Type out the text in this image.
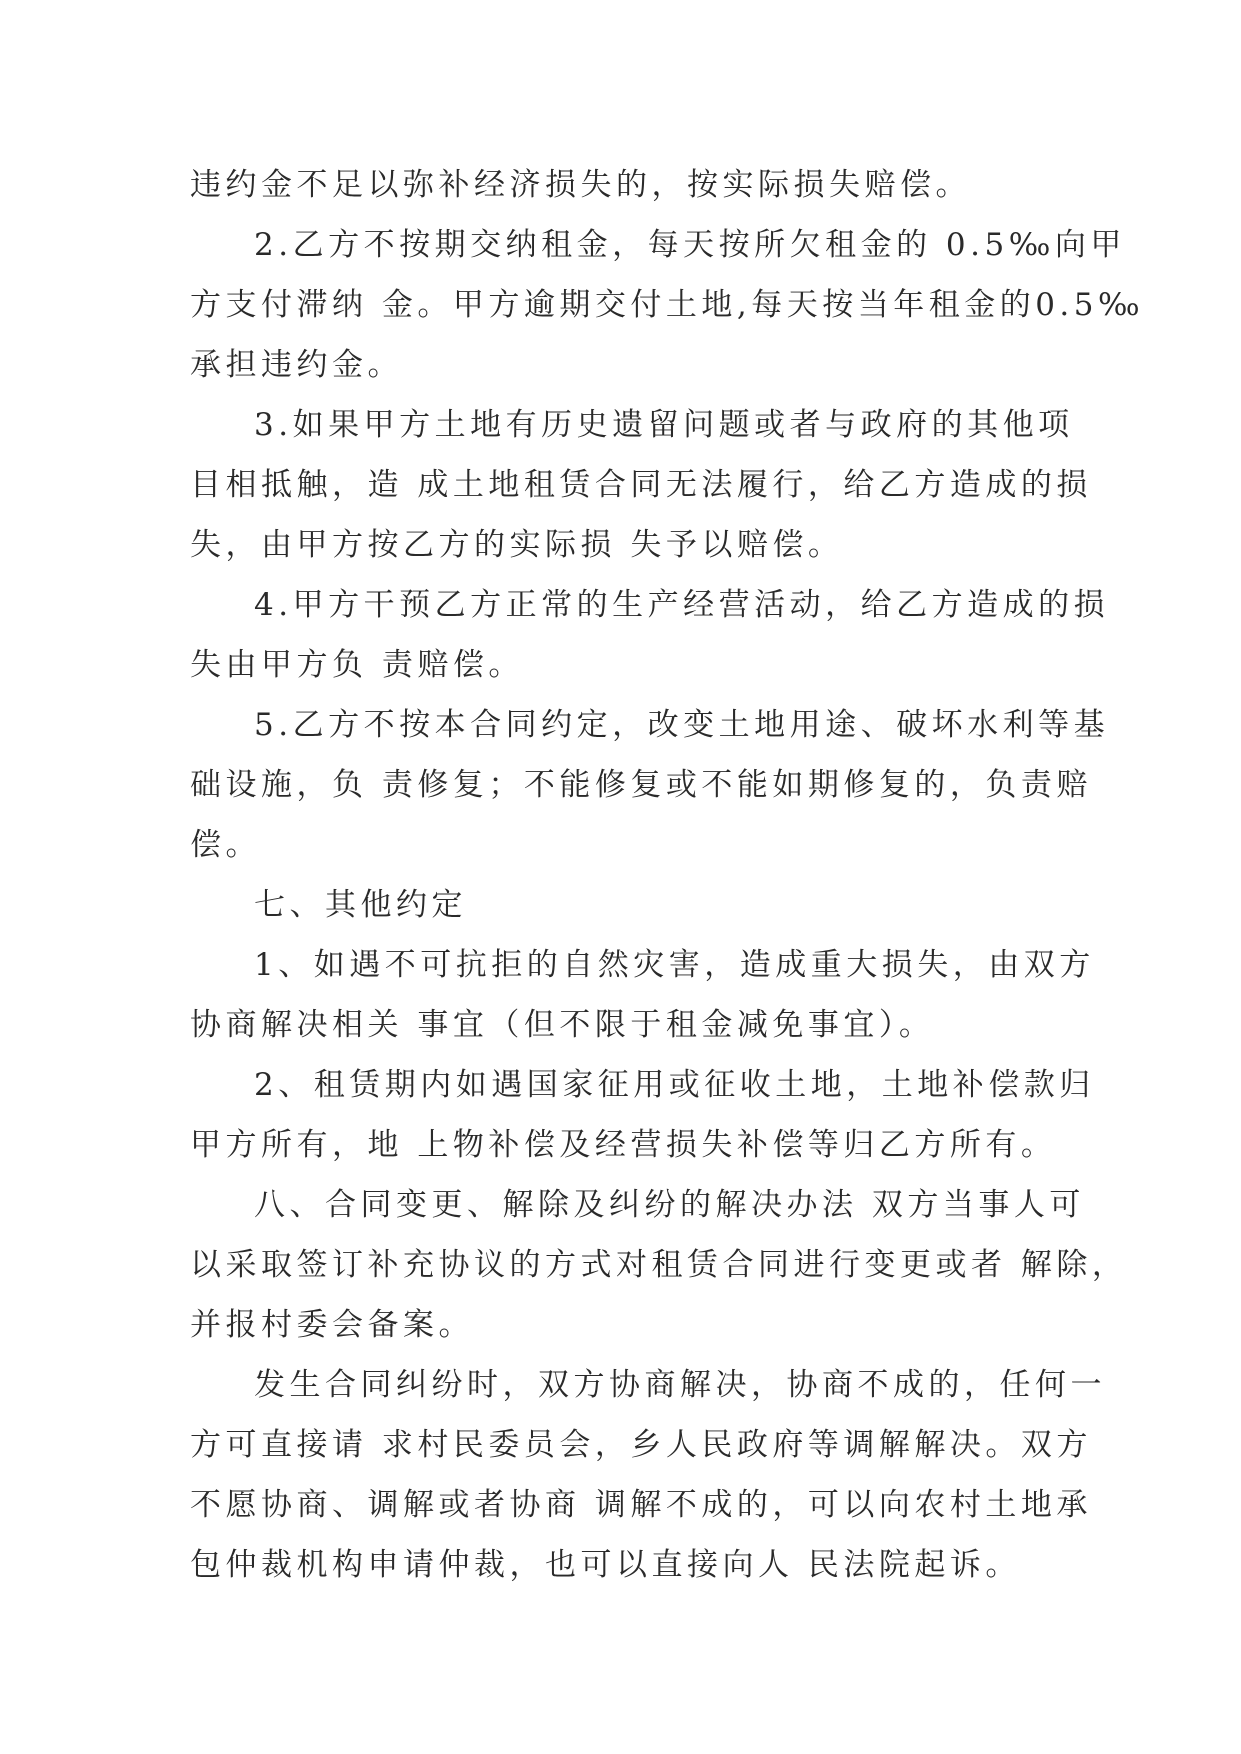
违约金不足以弥补经济损失的，按实际损失赔偿。
2.乙方不按期交纳租金，每天按所欠租金的 0.5‰向甲
方支付滞纳 金。甲方逾期交付土地,每天按当年租金的0.5‰
承担违约金。
3.如果甲方土地有历史遗留问题或者与政府的其他项
目相抵触，造 成土地租赁合同无法履行，给乙方造成的损
失，由甲方按乙方的实际损 失予以赔偿。
4.甲方干预乙方正常的生产经营活动，给乙方造成的损
失由甲方负 责赔偿。
5.乙方不按本合同约定，改变土地用途、破坏水利等基
础设施，负 责修复；不能修复或不能如期修复的，负责赔
偿。
七、其他约定
1、如遇不可抗拒的自然灾害，造成重大损失，由双方
协商解决相关 事宜（但不限于租金减免事宜）。
2、租赁期内如遇国家征用或征收土地，土地补偿款归
甲方所有，地 上物补偿及经营损失补偿等归乙方所有。
八、合同变更、解除及纠纷的解决办法 双方当事人可
以采取签订补充协议的方式对租赁合同进行变更或者 解除，
并报村委会备案。
发生合同纠纷时，双方协商解决，协商不成的，任何一
方可直接请 求村民委员会，乡人民政府等调解解决。双方
不愿协商、调解或者协商 调解不成的，可以向农村土地承
包仲裁机构申请仲裁，也可以直接向人 民法院起诉。
